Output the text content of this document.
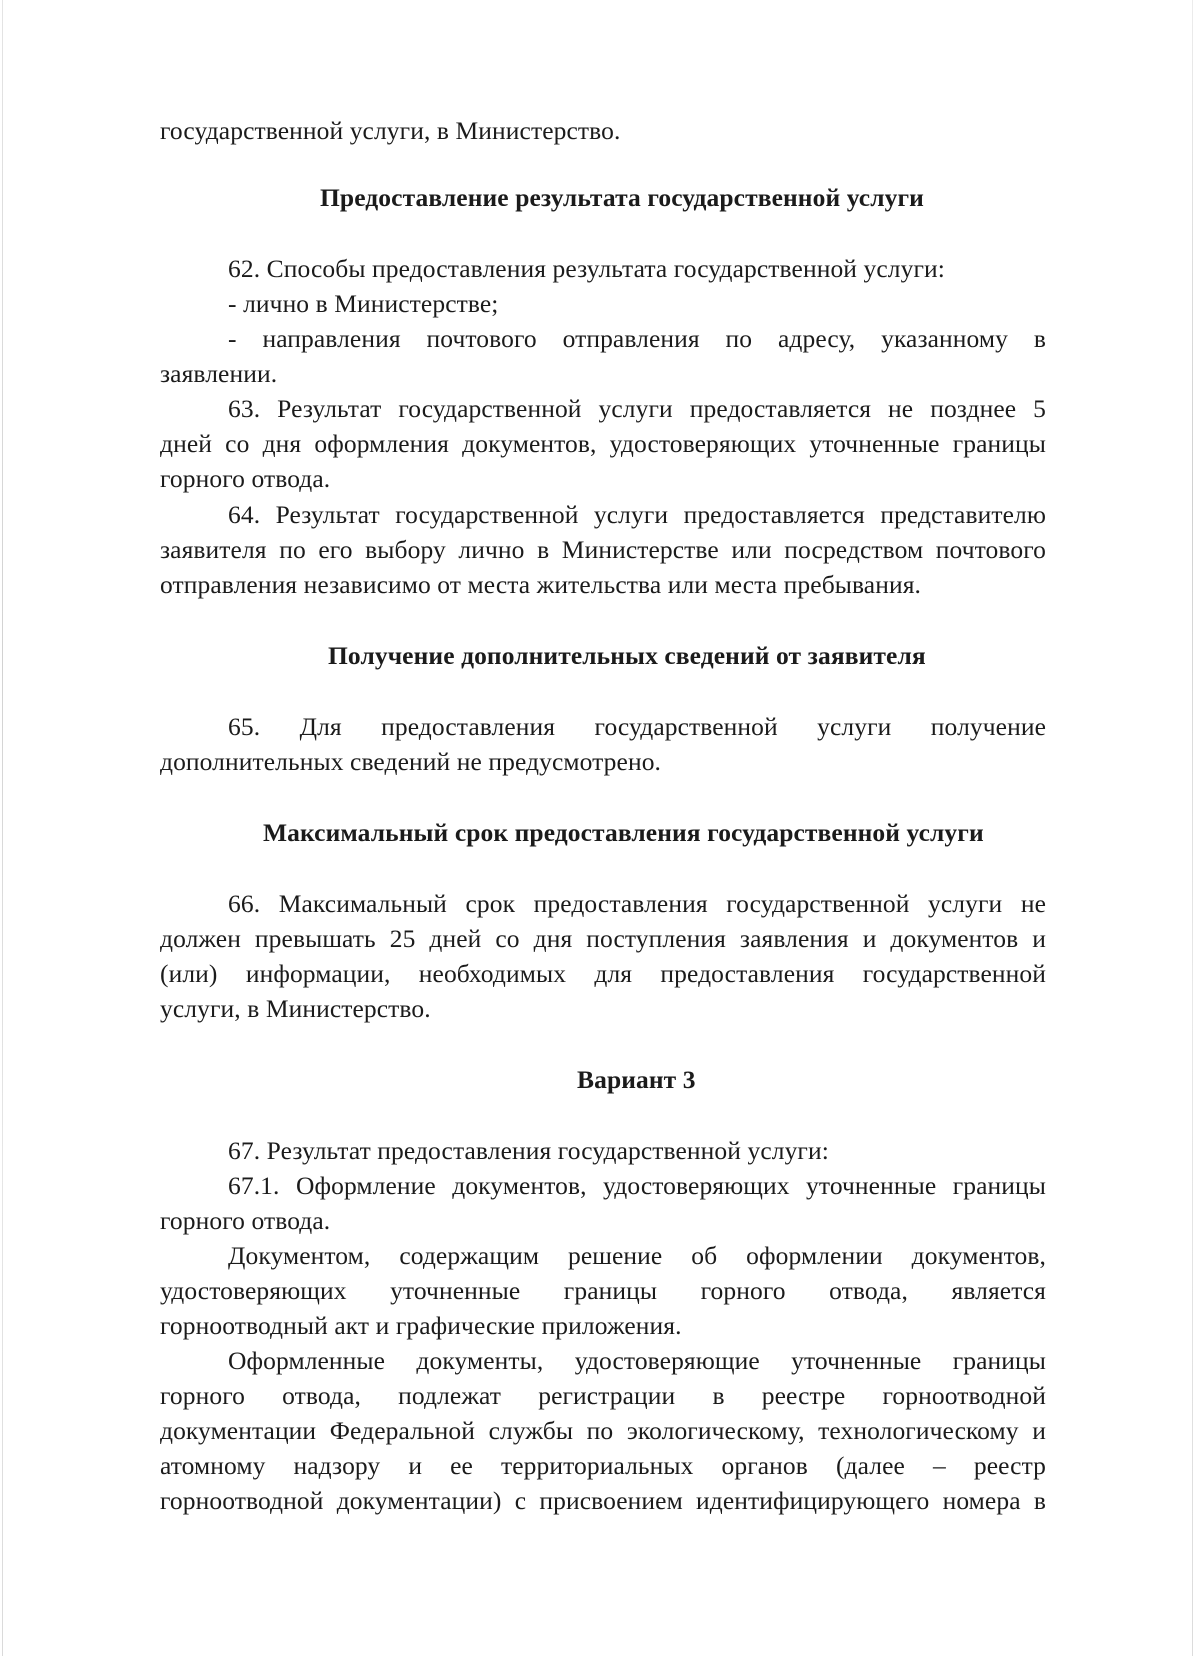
государственной услуги, в Министерство.
Предоставление результата государственной услуги
62. Способы предоставления результата государственной услуги:
- лично в Министерстве;
- направления почтового отправления по адресу, указанному в
заявлении.
63. Результат государственной услуги предоставляется не позднее 5
дней со дня оформления документов, удостоверяющих уточненные границы
горного отвода.
64. Результат государственной услуги предоставляется представителю
заявителя по его выбору лично в Министерстве или посредством почтового
отправления независимо от места жительства или места пребывания.
Получение дополнительных сведений от заявителя
65. Для предоставления государственной услуги получение
дополнительных сведений не предусмотрено.
Максимальный срок предоставления государственной услуги
66. Максимальный срок предоставления государственной услуги не
должен превышать 25 дней со дня поступления заявления и документов и
(или) информации, необходимых для предоставления государственной
услуги, в Министерство.
Вариант 3
67. Результат предоставления государственной услуги:
67.1. Оформление документов, удостоверяющих уточненные границы
горного отвода.
Документом, содержащим решение об оформлении документов,
удостоверяющих уточненные границы горного отвода, является
горноотводный акт и графические приложения.
Оформленные документы, удостоверяющие уточненные границы
горного отвода, подлежат регистрации в реестре горноотводной
документации Федеральной службы по экологическому, технологическому и
атомному надзору и ее территориальных органов (далее – реестр
горноотводной документации) с присвоением идентифицирующего номера в
